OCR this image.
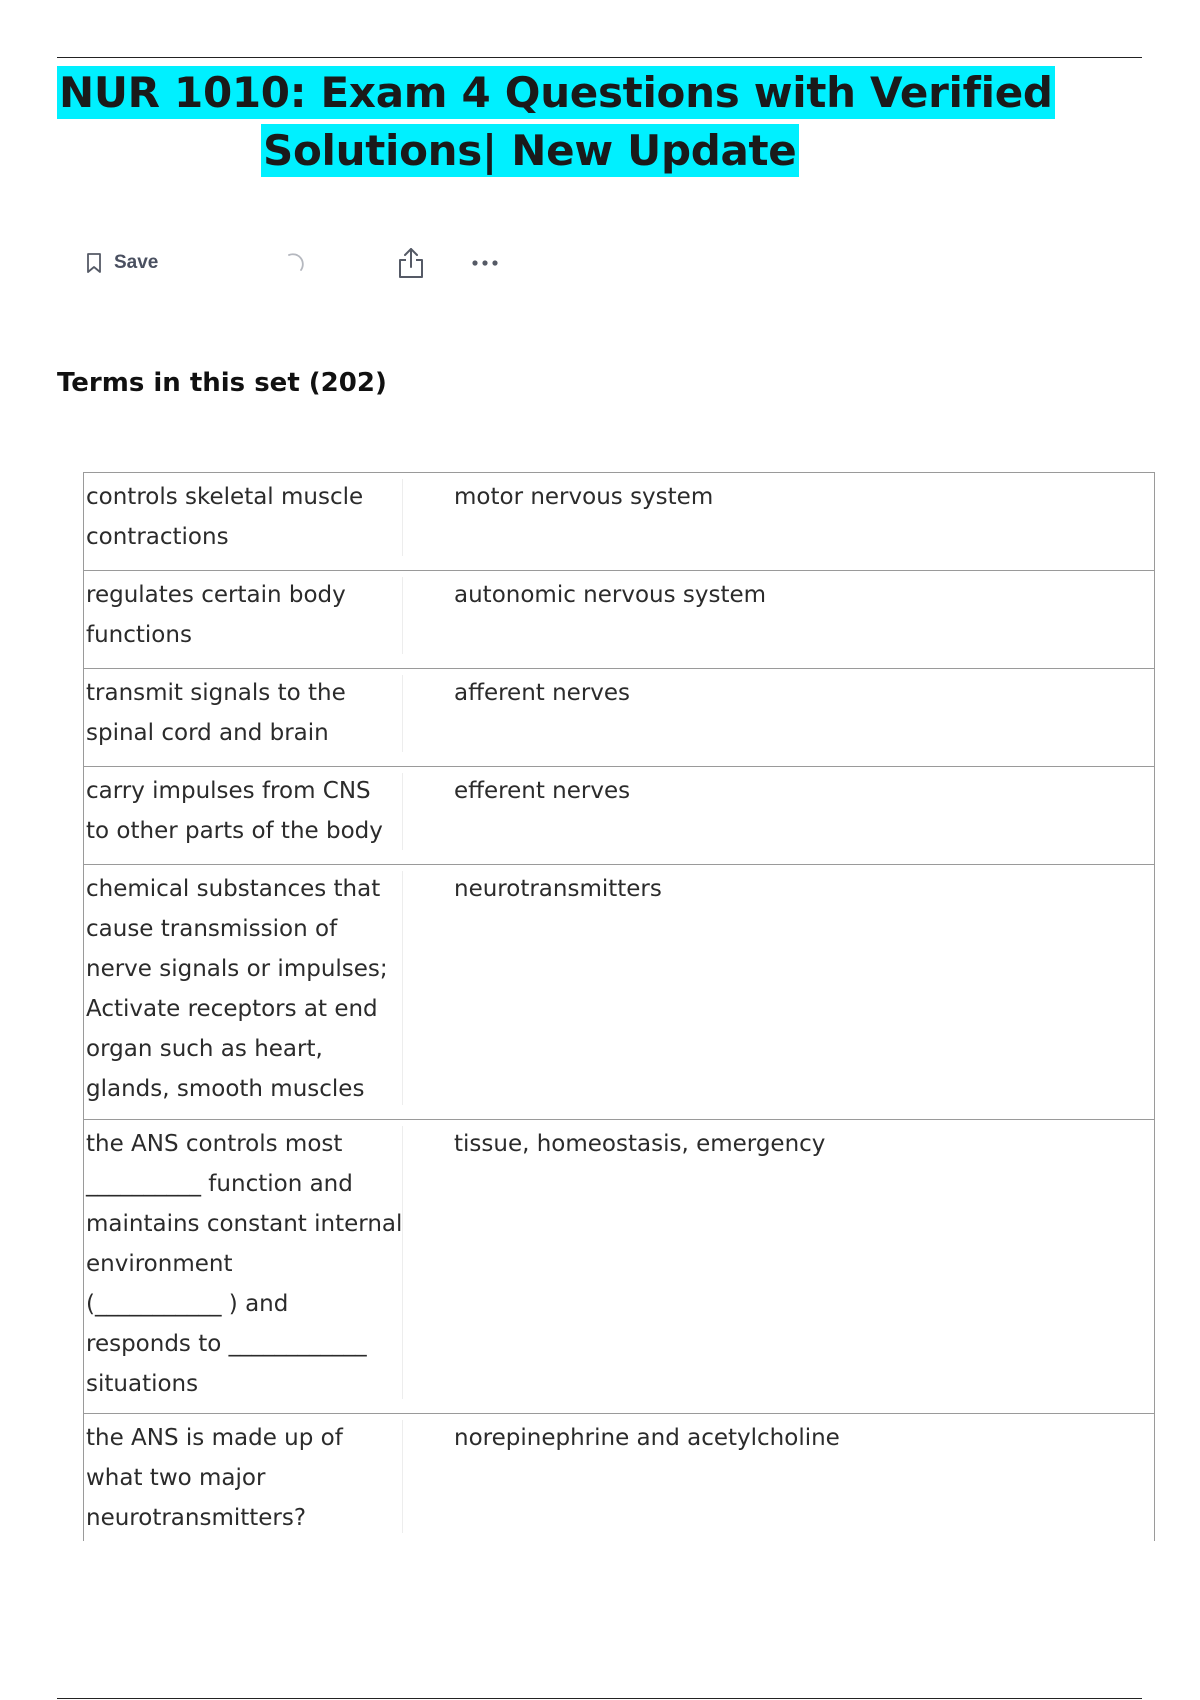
NUR 1010: Exam 4 Questions with Verified
Solutions| New Update
Save
Terms in this set (202)
controls skeletal muscle
contractions
motor nervous system
regulates certain body
functions
autonomic nervous system
transmit signals to the
spinal cord and brain
afferent nerves
carry impulses from CNS
to other parts of the body
efferent nerves
chemical substances that
cause transmission of
nerve signals or impulses;
Activate receptors at end
organ such as heart,
glands, smooth muscles
neurotransmitters
the ANS controls most
__________ function and
maintains constant internal
environment
(___________ ) and
responds to ____________
situations
tissue, homeostasis, emergency
the ANS is made up of
what two major
neurotransmitters?
norepinephrine and acetylcholine
